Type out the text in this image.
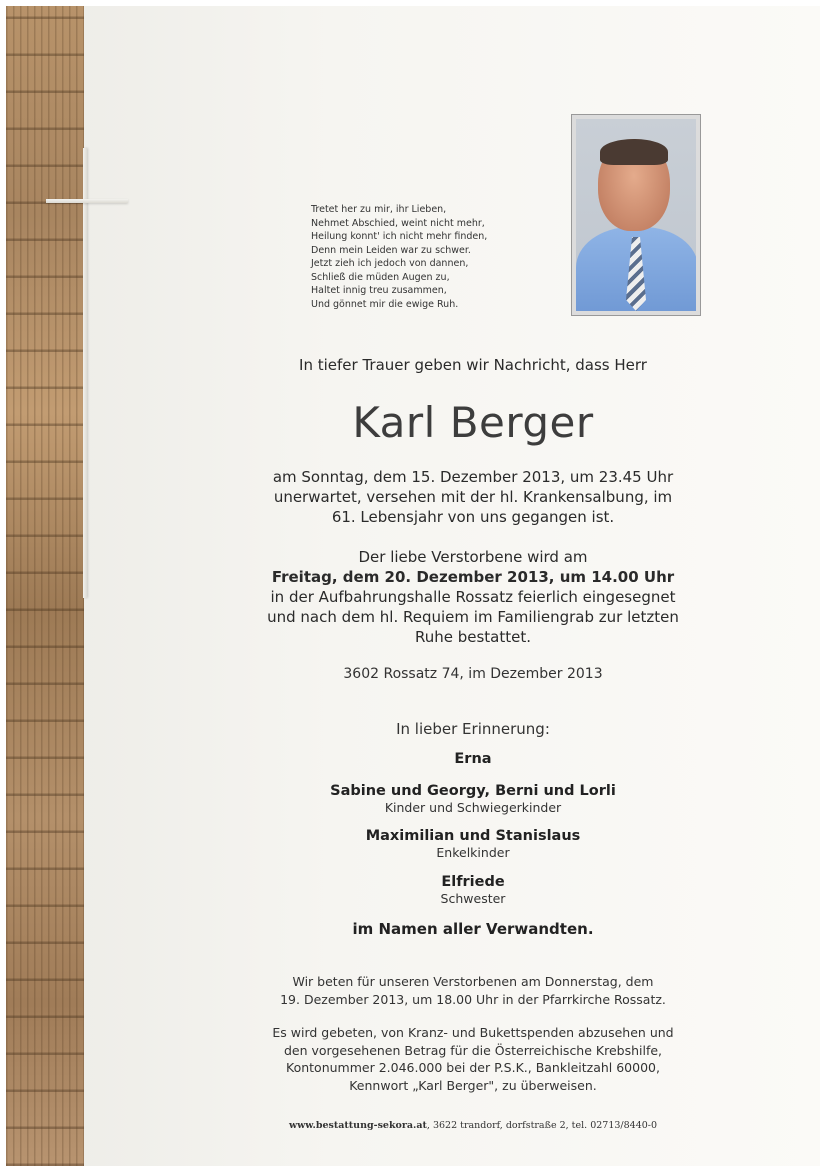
Tretet her zu mir, ihr Lieben,
Nehmet Abschied, weint nicht mehr,
Heilung konnt' ich nicht mehr finden,
Denn mein Leiden war zu schwer.
Jetzt zieh ich jedoch von dannen,
Schließ die müden Augen zu,
Haltet innig treu zusammen,
Und gönnet mir die ewige Ruh.
In tiefer Trauer geben wir Nachricht, dass Herr
Karl Berger
am Sonntag, dem 15. Dezember 2013, um 23.45 Uhr
unerwartet, versehen mit der hl. Krankensalbung, im
61. Lebensjahr von uns gegangen ist.
Der liebe Verstorbene wird am
Freitag, dem 20. Dezember 2013, um 14.00 Uhr
in der Aufbahrungshalle Rossatz feierlich eingesegnet
und nach dem hl. Requiem im Familiengrab zur letzten
Ruhe bestattet.
3602 Rossatz 74, im Dezember 2013
In lieber Erinnerung:
Erna
Sabine und Georgy, Berni und Lorli
Kinder und Schwiegerkinder
Maximilian und Stanislaus
Enkelkinder
Elfriede
Schwester
im Namen aller Verwandten.
Wir beten für unseren Verstorbenen am Donnerstag, dem
19. Dezember 2013, um 18.00 Uhr in der Pfarrkirche Rossatz.
Es wird gebeten, von Kranz- und Bukettspenden abzusehen und
den vorgesehenen Betrag für die Österreichische Krebshilfe,
Kontonummer 2.046.000 bei der P.S.K., Bankleitzahl 60000,
Kennwort „Karl Berger", zu überweisen.
www.bestattung-sekora.at, 3622 trandorf, dorfstraße 2, tel. 02713/8440-0
